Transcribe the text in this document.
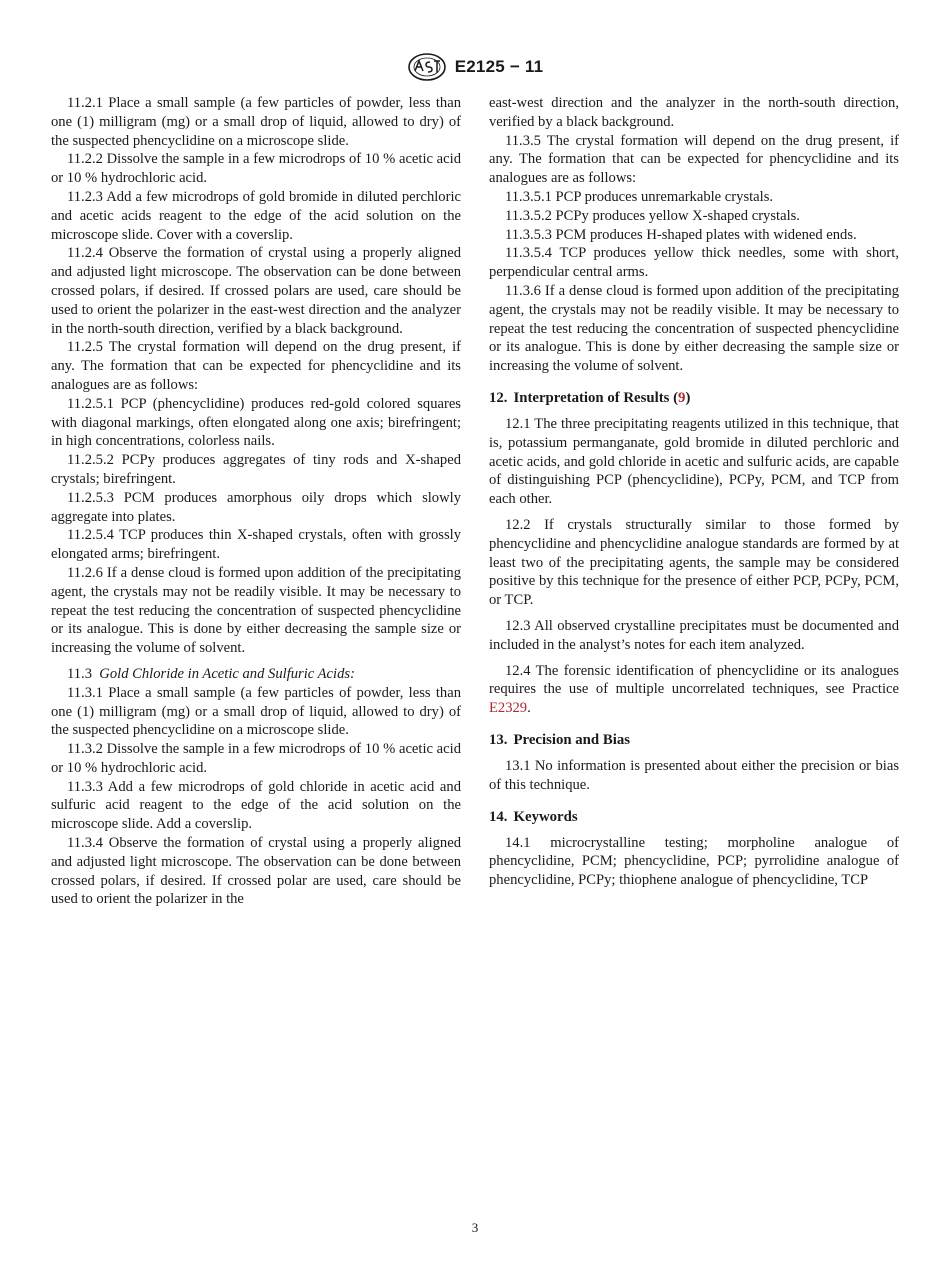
E2125 − 11

11.2.1 Place a small sample (a few particles of powder, less than one (1) milligram (mg) or a small drop of liquid, allowed to dry) of the suspected phencyclidine on a microscope slide.

11.2.2 Dissolve the sample in a few microdrops of 10 % acetic acid or 10 % hydrochloric acid.

11.2.3 Add a few microdrops of gold bromide in diluted perchloric and acetic acids reagent to the edge of the acid solution on the microscope slide. Cover with a coverslip.

11.2.4 Observe the formation of crystal using a properly aligned and adjusted light microscope. The observation can be done between crossed polars, if desired. If crossed polars are used, care should be used to orient the polarizer in the east-west direction and the analyzer in the north-south direction, verified by a black background.

11.2.5 The crystal formation will depend on the drug present, if any. The formation that can be expected for phencyclidine and its analogues are as follows:

11.2.5.1 PCP (phencyclidine) produces red-gold colored squares with diagonal markings, often elongated along one axis; birefringent; in high concentrations, colorless nails.

11.2.5.2 PCPy produces aggregates of tiny rods and X-shaped crystals; birefringent.

11.2.5.3 PCM produces amorphous oily drops which slowly aggregate into plates.

11.2.5.4 TCP produces thin X-shaped crystals, often with grossly elongated arms; birefringent.

11.2.6 If a dense cloud is formed upon addition of the precipitating agent, the crystals may not be readily visible. It may be necessary to repeat the test reducing the concentration of suspected phencyclidine or its analogue. This is done by either decreasing the sample size or increasing the volume of solvent.

11.3 Gold Chloride in Acetic and Sulfuric Acids:

11.3.1 Place a small sample (a few particles of powder, less than one (1) milligram (mg) or a small drop of liquid, allowed to dry) of the suspected phencyclidine on a microscope slide.

11.3.2 Dissolve the sample in a few microdrops of 10 % acetic acid or 10 % hydrochloric acid.

11.3.3 Add a few microdrops of gold chloride in acetic acid and sulfuric acid reagent to the edge of the acid solution on the microscope slide. Add a coverslip.

11.3.4 Observe the formation of crystal using a properly aligned and adjusted light microscope. The observation can be done between crossed polars, if desired. If crossed polar are used, care should be used to orient the polarizer in the

east-west direction and the analyzer in the north-south direction, verified by a black background.

11.3.5 The crystal formation will depend on the drug present, if any. The formation that can be expected for phencyclidine and its analogues are as follows:

11.3.5.1 PCP produces unremarkable crystals.

11.3.5.2 PCPy produces yellow X-shaped crystals.

11.3.5.3 PCM produces H-shaped plates with widened ends.

11.3.5.4 TCP produces yellow thick needles, some with short, perpendicular central arms.

11.3.6 If a dense cloud is formed upon addition of the precipitating agent, the crystals may not be readily visible. It may be necessary to repeat the test reducing the concentration of suspected phencyclidine or its analogue. This is done by either decreasing the sample size or increasing the volume of solvent.

12. Interpretation of Results (9)

12.1 The three precipitating reagents utilized in this technique, that is, potassium permanganate, gold bromide in diluted perchloric and acetic acids, and gold chloride in acetic and sulfuric acids, are capable of distinguishing PCP (phencyclidine), PCPy, PCM, and TCP from each other.

12.2 If crystals structurally similar to those formed by phencyclidine and phencyclidine analogue standards are formed by at least two of the precipitating agents, the sample may be considered positive by this technique for the presence of either PCP, PCPy, PCM, or TCP.

12.3 All observed crystalline precipitates must be documented and included in the analyst’s notes for each item analyzed.

12.4 The forensic identification of phencyclidine or its analogues requires the use of multiple uncorrelated techniques, see Practice E2329.

13. Precision and Bias

13.1 No information is presented about either the precision or bias of this technique.

14. Keywords

14.1 microcrystalline testing; morpholine analogue of phencyclidine, PCM; phencyclidine, PCP; pyrrolidine analogue of phencyclidine, PCPy; thiophene analogue of phencyclidine, TCP

3
